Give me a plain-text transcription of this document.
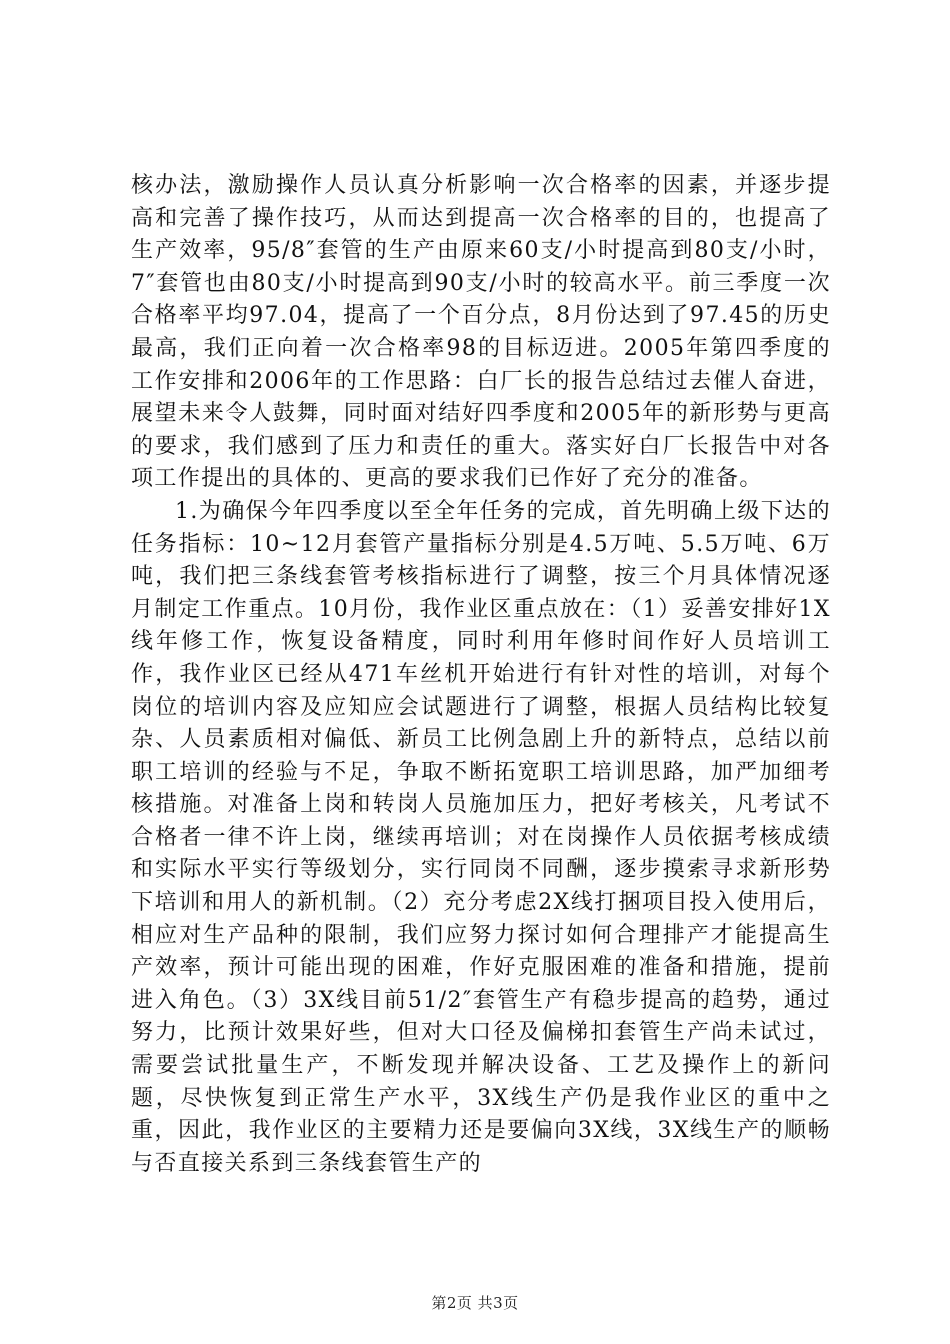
核办法，激励操作人员认真分析影响一次合格率的因素，并逐步提高和完善了操作技巧，从而达到提高一次合格率的目的，也提高了生产效率，95/8″套管的生产由原来60支/小时提高到80支/小时，7″套管也由80支/小时提高到90支/小时的较高水平。前三季度一次合格率平均97.04，提高了一个百分点，8月份达到了97.45的历史最高，我们正向着一次合格率98的目标迈进。2005年第四季度的工作安排和2006年的工作思路：白厂长的报告总结过去催人奋进，展望未来令人鼓舞，同时面对结好四季度和2005年的新形势与更高的要求，我们感到了压力和责任的重大。落实好白厂长报告中对各项工作提出的具体的、更高的要求我们已作好了充分的准备。

1.为确保今年四季度以至全年任务的完成，首先明确上级下达的任务指标：10~12月套管产量指标分别是4.5万吨、5.5万吨、6万吨，我们把三条线套管考核指标进行了调整，按三个月具体情况逐月制定工作重点。10月份，我作业区重点放在：（1）妥善安排好1X线年修工作，恢复设备精度，同时利用年修时间作好人员培训工作，我作业区已经从471车丝机开始进行有针对性的培训，对每个岗位的培训内容及应知应会试题进行了调整，根据人员结构比较复杂、人员素质相对偏低、新员工比例急剧上升的新特点，总结以前职工培训的经验与不足，争取不断拓宽职工培训思路，加严加细考核措施。对准备上岗和转岗人员施加压力，把好考核关，凡考试不合格者一律不许上岗，继续再培训；对在岗操作人员依据考核成绩和实际水平实行等级划分，实行同岗不同酬，逐步摸索寻求新形势下培训和用人的新机制。（2）充分考虑2X线打捆项目投入使用后，相应对生产品种的限制，我们应努力探讨如何合理排产才能提高生产效率，预计可能出现的困难，作好克服困难的准备和措施，提前进入角色。（3）3X线目前51/2″套管生产有稳步提高的趋势，通过努力，比预计效果好些，但对大口径及偏梯扣套管生产尚未试过，需要尝试批量生产，不断发现并解决设备、工艺及操作上的新问题，尽快恢复到正常生产水平，3X线生产仍是我作业区的重中之重，因此，我作业区的主要精力还是要偏向3X线，3X线生产的顺畅与否直接关系到三条线套管生产的

第2页 共3页
